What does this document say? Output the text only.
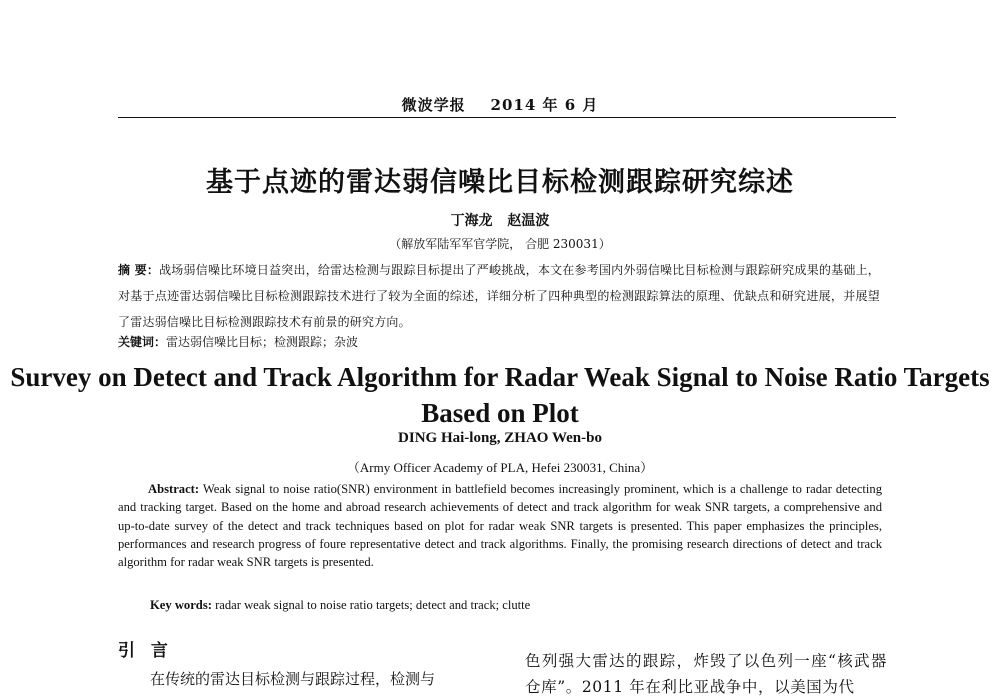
微波学报 2014 年 6 月
基于点迹的雷达弱信噪比目标检测跟踪研究综述
丁海龙 赵温波
（解放军陆军军官学院， 合肥 230031）
摘 要：战场弱信噪比环境日益突出，给雷达检测与跟踪目标提出了严峻挑战，本文在参考国内外弱信噪比目标检测与跟踪研究成果的基础上，对基于点迹雷达弱信噪比目标检测跟踪技术进行了较为全面的综述，详细分析了四种典型的检测跟踪算法的原理、优缺点和研究进展，并展望了雷达弱信噪比目标检测跟踪技术有前景的研究方向。
关键词：雷达弱信噪比目标；检测跟踪；杂波
Survey on Detect and Track Algorithm for Radar Weak Signal to Noise Ratio Targets Based on Plot
DING Hai-long, ZHAO Wen-bo
（Army Officer Academy of PLA, Hefei 230031, China）
Abstract: Weak signal to noise ratio(SNR) environment in battlefield becomes increasingly prominent, which is a challenge to radar detecting and tracking target. Based on the home and abroad research achievements of detect and track algorithm for weak SNR targets, a comprehensive and up-to-date survey of the detect and track techniques based on plot for radar weak SNR targets is presented. This paper emphasizes the principles, performances and research progress of foure representative detect and track algorithms. Finally, the promising research directions of detect and track algorithm for radar weak SNR targets is presented.
Key words: radar weak signal to noise ratio targets; detect and track; clutte
引 言
在传统的雷达目标检测与跟踪过程，检测与
色列强大雷达的跟踪，炸毁了以色列一座“核武器仓库”。2011 年在利比亚战争中，以美国为代
